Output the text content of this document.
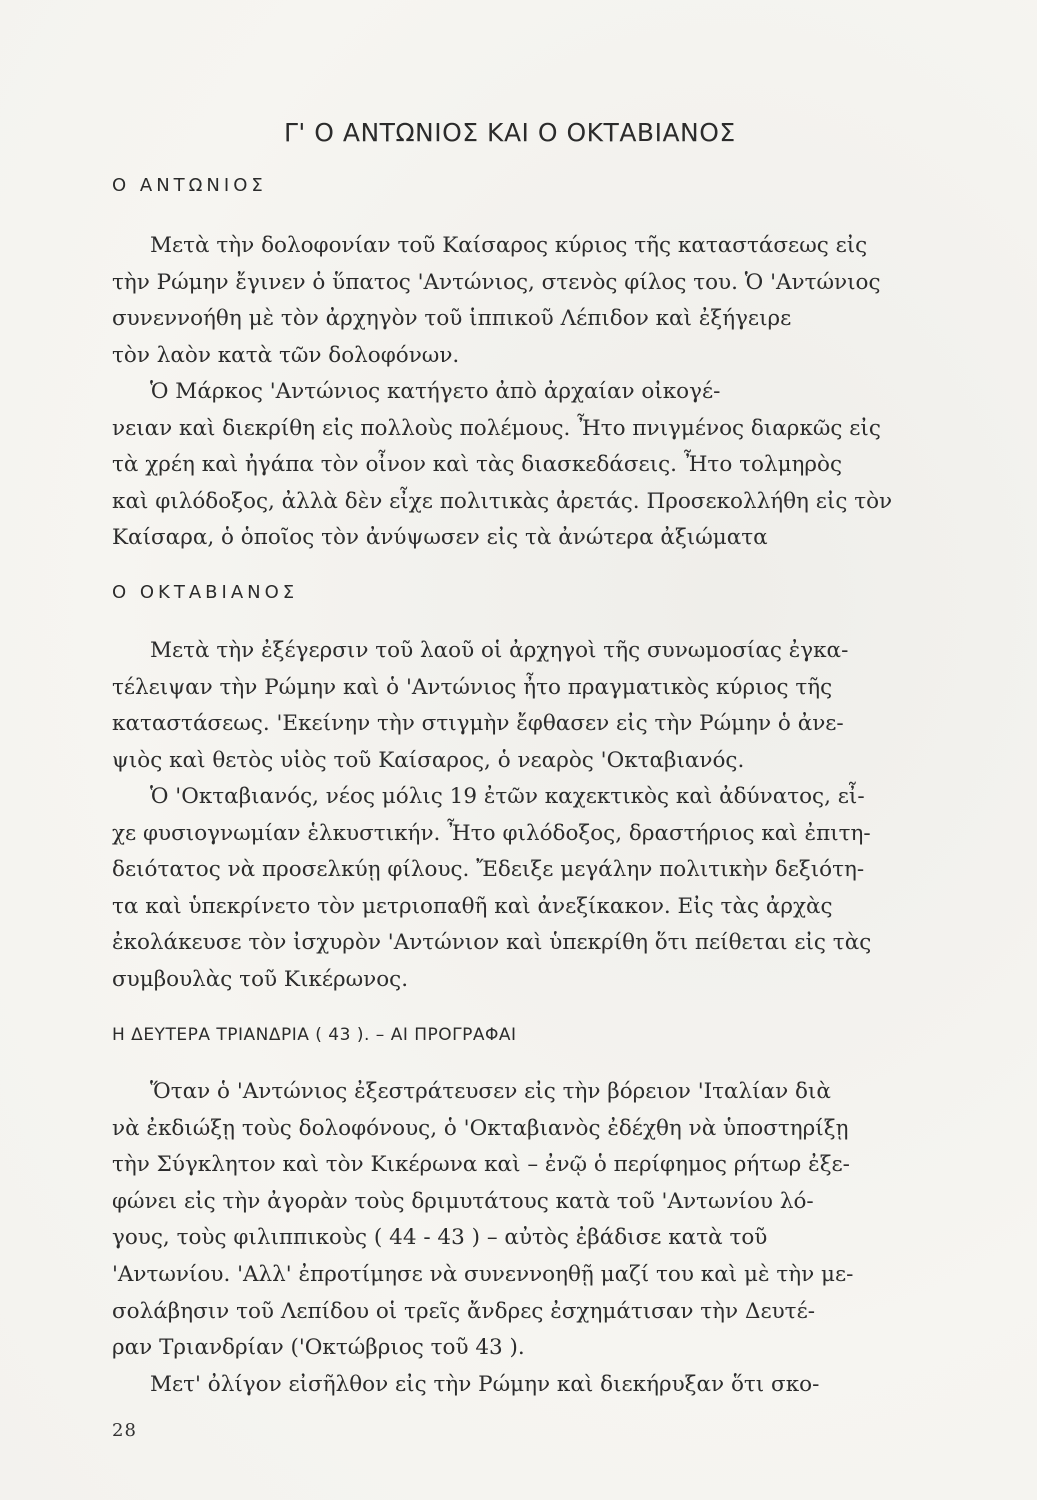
Γ' Ο ΑΝΤΩΝΙΟΣ ΚΑΙ Ο ΟΚΤΑΒΙΑΝΟΣ
Ο ΑΝΤΩΝΙΟΣ
Μετὰ τὴν δολοφονίαν τοῦ Καίσαρος κύριος τῆς καταστάσεως εἰς
τὴν Ρώμην ἔγινεν ὁ ὕπατος 'Αντώνιος, στενὸς φίλος του. Ὁ 'Αντώνιος
συνεννοήθη μὲ τὸν ἀρχηγὸν τοῦ ἱππικοῦ Λέπιδον καὶ ἐξήγειρε
τὸν λαὸν κατὰ τῶν δολοφόνων.
Ὁ Μάρκος 'Αντώνιος κατήγετο ἀπὸ ἀρχαίαν οἰκογέ-
νειαν καὶ διεκρίθη εἰς πολλοὺς πολέμους. Ἦτο πνιγμένος διαρκῶς εἰς
τὰ χρέη καὶ ἠγάπα τὸν οἶνον καὶ τὰς διασκεδάσεις. Ἦτο τολμηρὸς
καὶ φιλόδοξος, ἀλλὰ δὲν εἶχε πολιτικὰς ἀρετάς. Προσεκολλήθη εἰς τὸν
Καίσαρα, ὁ ὁποῖος τὸν ἀνύψωσεν εἰς τὰ ἀνώτερα ἀξιώματα
Ο ΟΚΤΑΒΙΑΝΟΣ
Μετὰ τὴν ἐξέγερσιν τοῦ λαοῦ οἱ ἀρχηγοὶ τῆς συνωμοσίας ἐγκα-
τέλειψαν τὴν Ρώμην καὶ ὁ 'Αντώνιος ἦτο πραγματικὸς κύριος τῆς
καταστάσεως. 'Εκείνην τὴν στιγμὴν ἔφθασεν εἰς τὴν Ρώμην ὁ ἀνε-
ψιὸς καὶ θετὸς υἱὸς τοῦ Καίσαρος, ὁ νεαρὸς 'Οκταβιανός.
Ὁ 'Οκταβιανός, νέος μόλις 19 ἐτῶν καχεκτικὸς καὶ ἀδύνατος, εἶ-
χε φυσιογνωμίαν ἑλκυστικήν. Ἦτο φιλόδοξος, δραστήριος καὶ ἐπιτη-
δειότατος νὰ προσελκύῃ φίλους. Ἔδειξε μεγάλην πολιτικὴν δεξιότη-
τα καὶ ὑπεκρίνετο τὸν μετριοπαθῆ καὶ ἀνεξίκακον. Εἰς τὰς ἀρχὰς
ἐκολάκευσε τὸν ἰσχυρὸν 'Αντώνιον καὶ ὑπεκρίθη ὅτι πείθεται εἰς τὰς
συμβουλὰς τοῦ Κικέρωνος.
Η ΔΕΥΤΕΡΑ ΤΡΙΑΝΔΡΙΑ ( 43 ). – ΑΙ ΠΡΟΓΡΑΦΑΙ
Ὅταν ὁ 'Αντώνιος ἐξεστράτευσεν εἰς τὴν βόρειον 'Ιταλίαν διὰ
νὰ ἐκδιώξῃ τοὺς δολοφόνους, ὁ 'Οκταβιανὸς ἐδέχθη νὰ ὑποστηρίξῃ
τὴν Σύγκλητον καὶ τὸν Κικέρωνα καὶ – ἐνῷ ὁ περίφημος ρήτωρ ἐξε-
φώνει εἰς τὴν ἀγορὰν τοὺς δριμυτάτους κατὰ τοῦ 'Αντωνίου λό-
γους, τοὺς φιλιππικοὺς ( 44 - 43 ) – αὐτὸς ἐβάδισε κατὰ τοῦ
'Αντωνίου. 'Αλλ' ἐπροτίμησε νὰ συνεννοηθῇ μαζί του καὶ μὲ τὴν με-
σολάβησιν τοῦ Λεπίδου οἱ τρεῖς ἄνδρες ἐσχημάτισαν τὴν Δευτέ-
ραν Τριανδρίαν ('Οκτώβριος τοῦ 43 ).
Μετ' ὀλίγον εἰσῆλθον εἰς τὴν Ρώμην καὶ διεκήρυξαν ὅτι σκο-
28
